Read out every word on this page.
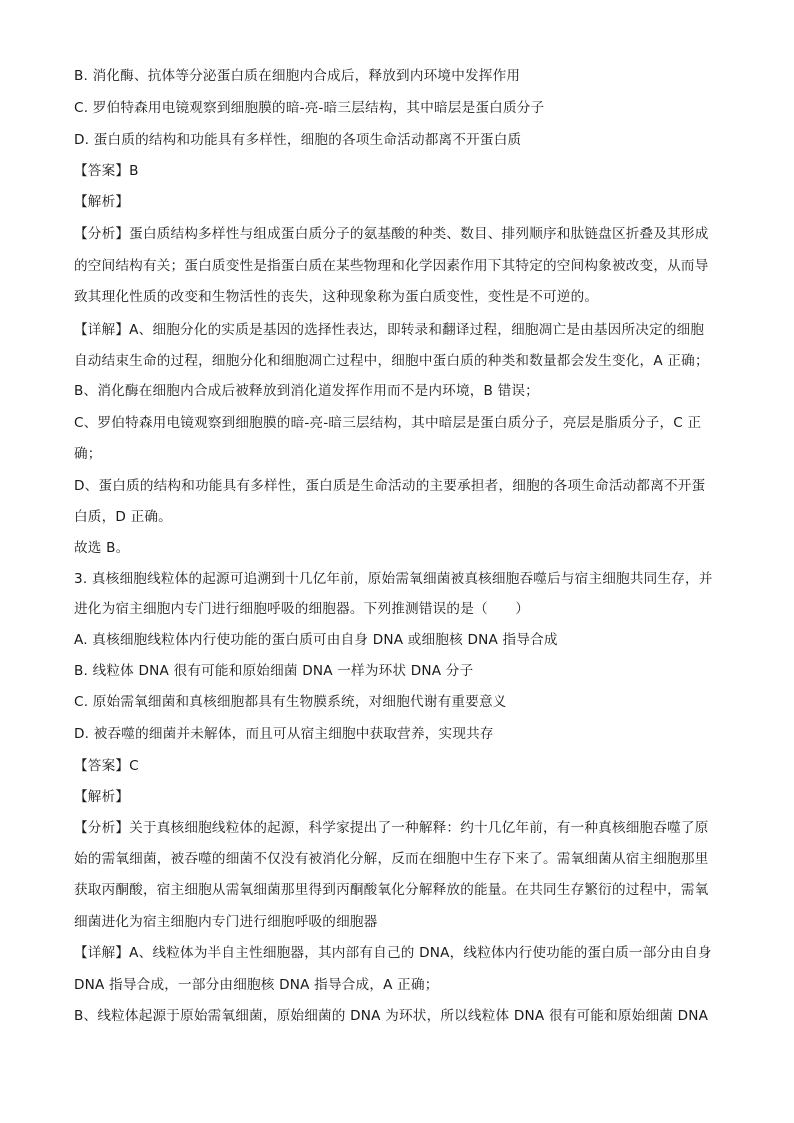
B. 消化酶、抗体等分泌蛋白质在细胞内合成后，释放到内环境中发挥作用
C. 罗伯特森用电镜观察到细胞膜的暗-亮-暗三层结构，其中暗层是蛋白质分子
D. 蛋白质的结构和功能具有多样性，细胞的各项生命活动都离不开蛋白质
【答案】B
【解析】
【分析】蛋白质结构多样性与组成蛋白质分子的氨基酸的种类、数目、排列顺序和肽链盘区折叠及其形成
的空间结构有关；蛋白质变性是指蛋白质在某些物理和化学因素作用下其特定的空间构象被改变，从而导
致其理化性质的改变和生物活性的丧失，这种现象称为蛋白质变性，变性是不可逆的。
【详解】A、细胞分化的实质是基因的选择性表达，即转录和翻译过程，细胞凋亡是由基因所决定的细胞
自动结束生命的过程，细胞分化和细胞凋亡过程中，细胞中蛋白质的种类和数量都会发生变化，A 正确；
B、消化酶在细胞内合成后被释放到消化道发挥作用而不是内环境，B 错误；
C、罗伯特森用电镜观察到细胞膜的暗-亮-暗三层结构，其中暗层是蛋白质分子，亮层是脂质分子，C 正
确；
D、蛋白质的结构和功能具有多样性，蛋白质是生命活动的主要承担者，细胞的各项生命活动都离不开蛋
白质，D 正确。
故选 B。
3. 真核细胞线粒体的起源可追溯到十几亿年前，原始需氧细菌被真核细胞吞噬后与宿主细胞共同生存，并
进化为宿主细胞内专门进行细胞呼吸的细胞器。下列推测错误的是（　　）
A. 真核细胞线粒体内行使功能的蛋白质可由自身 DNA 或细胞核 DNA 指导合成
B. 线粒体 DNA 很有可能和原始细菌 DNA 一样为环状 DNA 分子
C. 原始需氧细菌和真核细胞都具有生物膜系统，对细胞代谢有重要意义
D. 被吞噬的细菌并未解体，而且可从宿主细胞中获取营养，实现共存
【答案】C
【解析】
【分析】关于真核细胞线粒体的起源，科学家提出了一种解释：约十几亿年前，有一种真核细胞吞噬了原
始的需氧细菌，被吞噬的细菌不仅没有被消化分解，反而在细胞中生存下来了。需氧细菌从宿主细胞那里
获取丙酮酸，宿主细胞从需氧细菌那里得到丙酮酸氧化分解释放的能量。在共同生存繁衍的过程中，需氧
细菌进化为宿主细胞内专门进行细胞呼吸的细胞器
【详解】A、线粒体为半自主性细胞器，其内部有自己的 DNA，线粒体内行使功能的蛋白质一部分由自身
DNA 指导合成，一部分由细胞核 DNA 指导合成，A 正确；
B、线粒体起源于原始需氧细菌，原始细菌的 DNA 为环状，所以线粒体 DNA 很有可能和原始细菌 DNA
